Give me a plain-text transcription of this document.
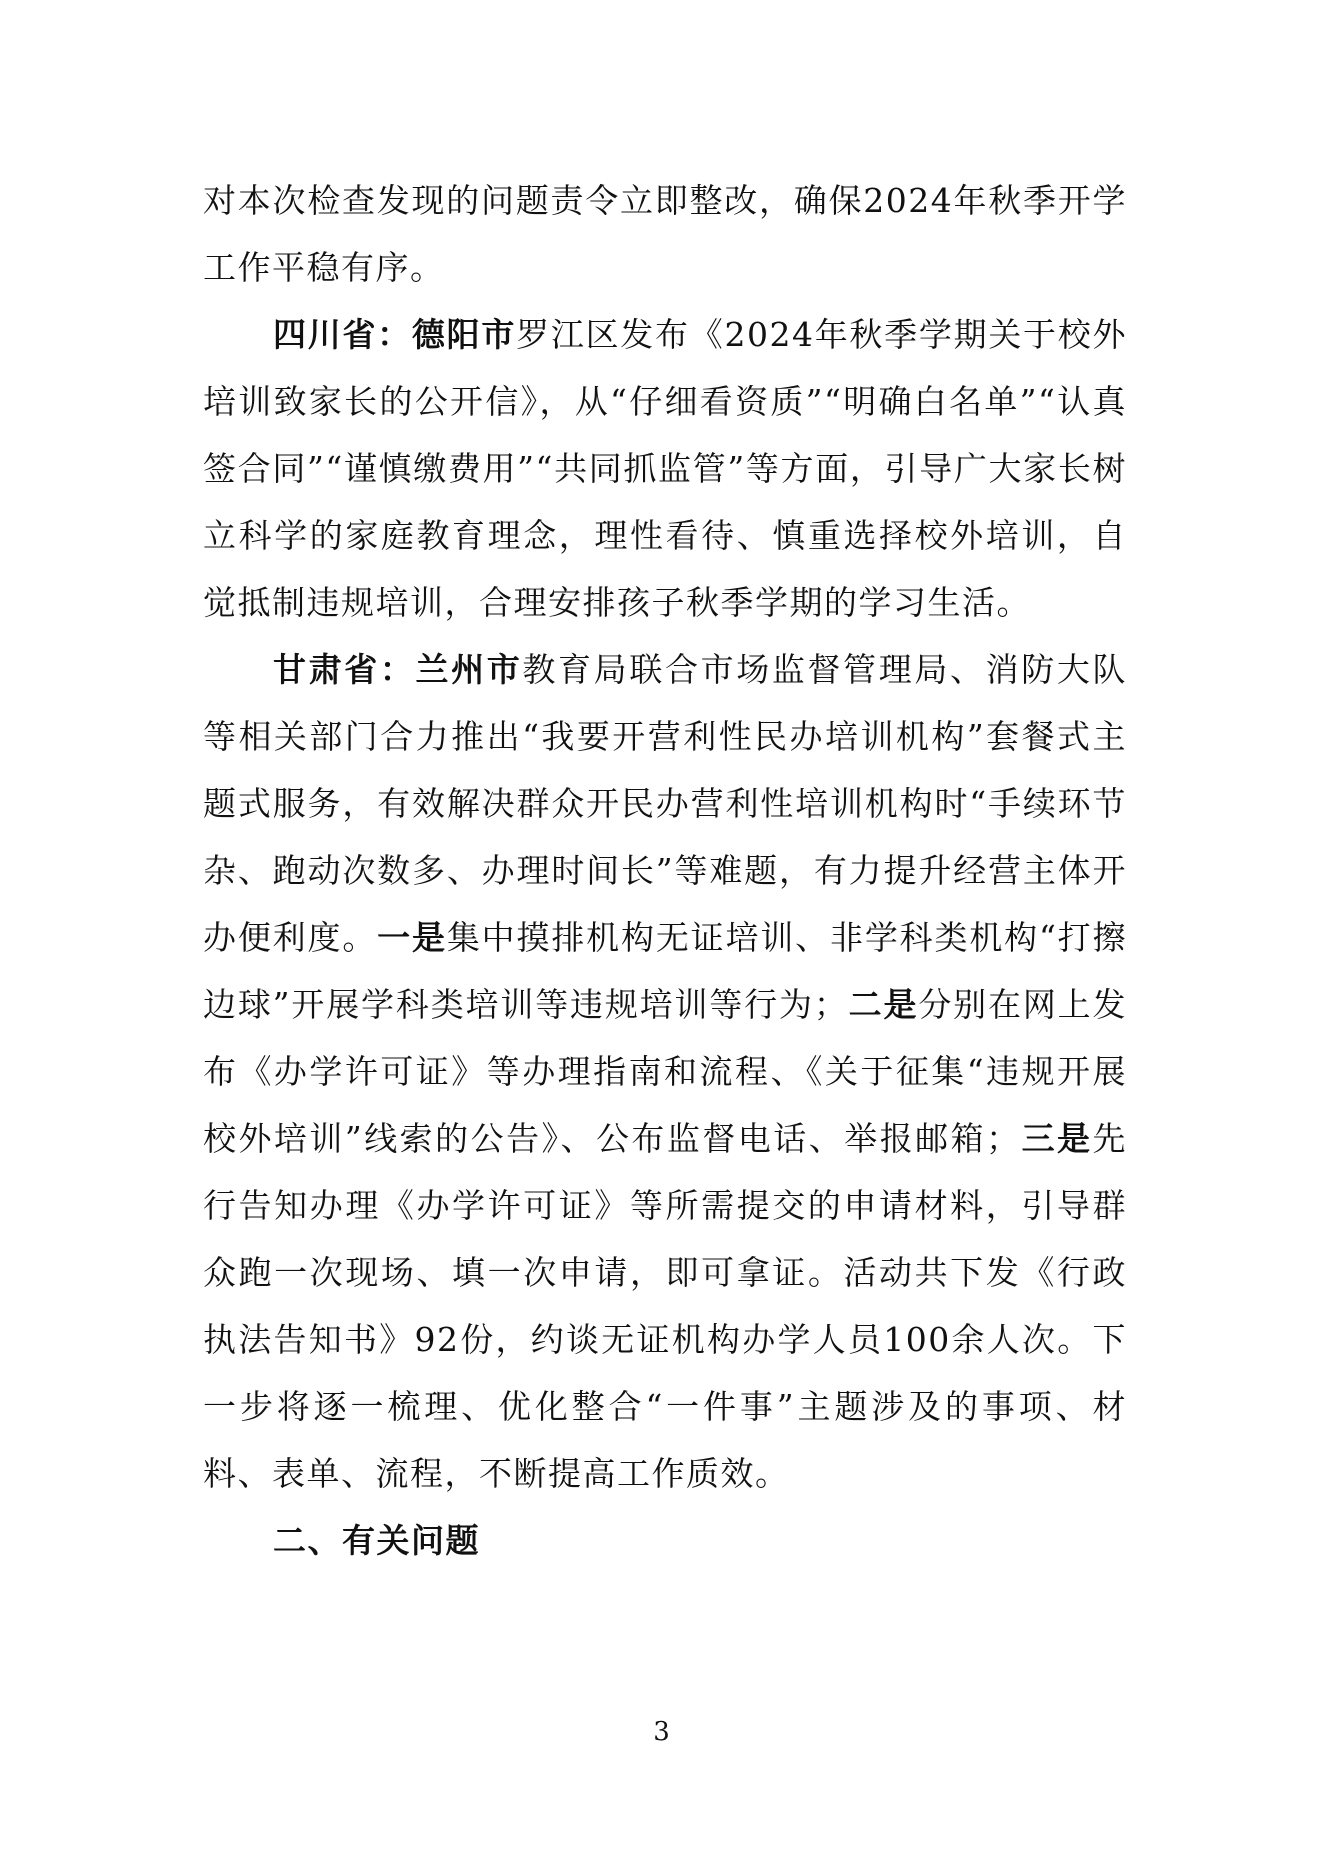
对本次检查发现的问题责令立即整改，确保2024年秋季开学工作平稳有序。

四川省：德阳市罗江区发布《2024年秋季学期关于校外培训致家长的公开信》，从“仔细看资质”“明确白名单”“认真签合同”“谨慎缴费用”“共同抓监管”等方面，引导广大家长树立科学的家庭教育理念，理性看待、慎重选择校外培训，自觉抵制违规培训，合理安排孩子秋季学期的学习生活。

甘肃省：兰州市教育局联合市场监督管理局、消防大队等相关部门合力推出“我要开营利性民办培训机构”套餐式主题式服务，有效解决群众开民办营利性培训机构时“手续环节杂、跑动次数多、办理时间长”等难题，有力提升经营主体开办便利度。一是集中摸排机构无证培训、非学科类机构“打擦边球”开展学科类培训等违规培训等行为；二是分别在网上发布《办学许可证》等办理指南和流程、《关于征集“违规开展校外培训”线索的公告》、公布监督电话、举报邮箱；三是先行告知办理《办学许可证》等所需提交的申请材料，引导群众跑一次现场、填一次申请，即可拿证。活动共下发《行政执法告知书》92份，约谈无证机构办学人员100余人次。下一步将逐一梳理、优化整合“一件事”主题涉及的事项、材料、表单、流程，不断提高工作质效。

二、有关问题

3
